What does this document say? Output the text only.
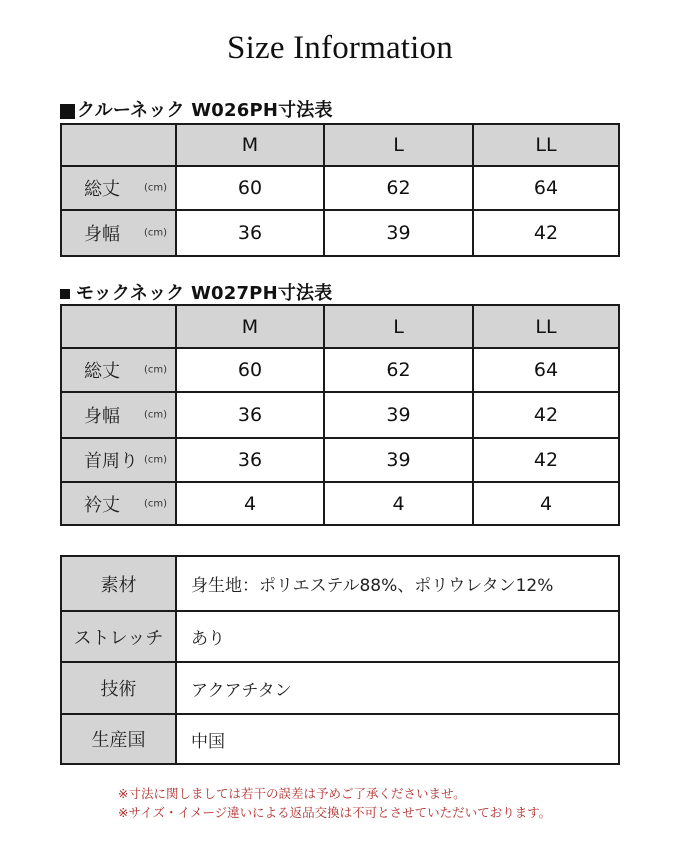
Size Information
クルーネック W026PH寸法表
	M	L	LL

総丈 (cm)	60	62	64

身幅 (cm)	36	39	42
モックネック W027PH寸法表
	M	L	LL

総丈 (cm)	60	62	64

身幅 (cm)	36	39	42

首周り (cm)	36	39	42

衿丈 (cm)	4	4	4
素材	身生地：ポリエステル88%、ポリウレタン12%
ストレッチ	あり
技術	アクアチタン
生産国	中国
※寸法に関しましては若干の誤差は予めご了承くださいませ。
※サイズ・イメージ違いによる返品交換は不可とさせていただいております。
